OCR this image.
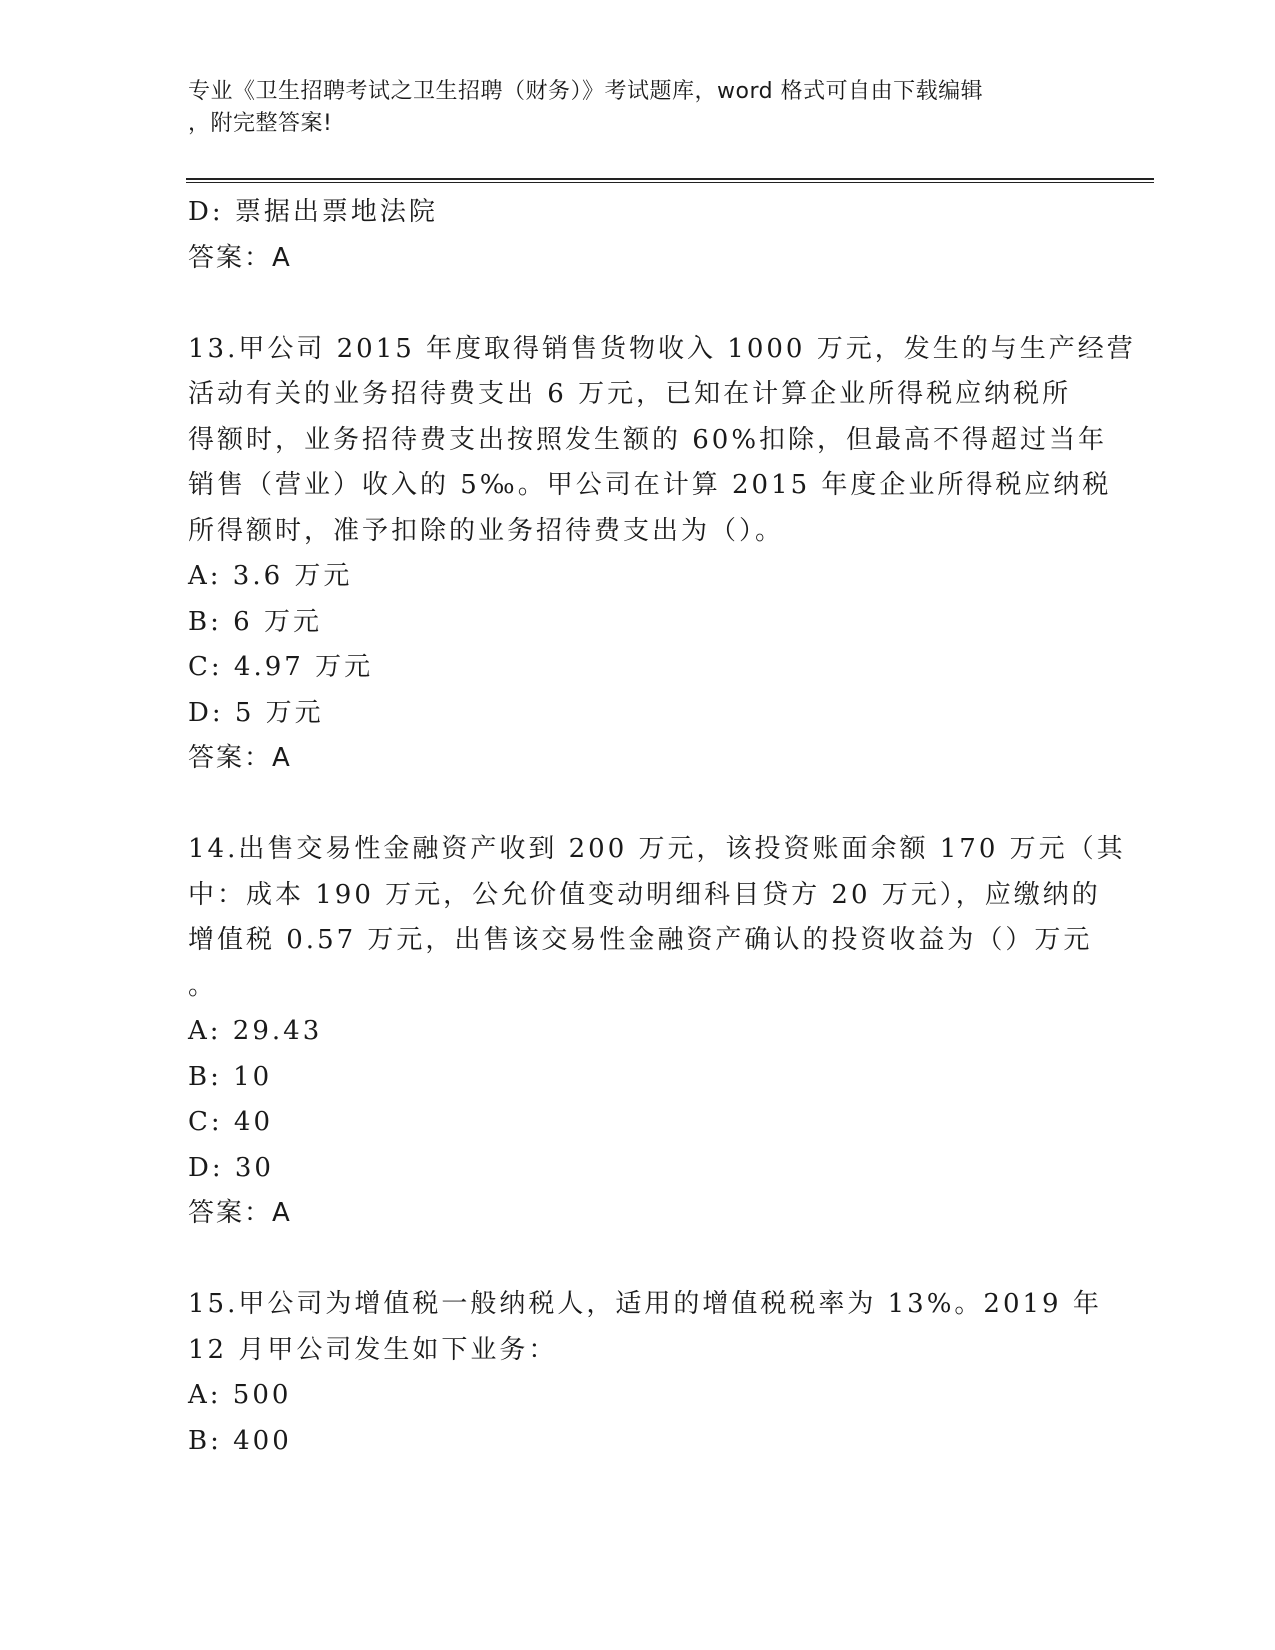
专业《卫生招聘考试之卫生招聘（财务）》考试题库，word 格式可自由下载编辑
，附完整答案!
D: 票据出票地法院
答案：A
13.甲公司 2015 年度取得销售货物收入 1000 万元，发生的与生产经营
活动有关的业务招待费支出 6 万元，已知在计算企业所得税应纳税所
得额时，业务招待费支出按照发生额的 60%扣除，但最高不得超过当年
销售（营业）收入的 5‰。甲公司在计算 2015 年度企业所得税应纳税
所得额时，准予扣除的业务招待费支出为（）。
A: 3.6 万元
B: 6 万元
C: 4.97 万元
D: 5 万元
答案：A
14.出售交易性金融资产收到 200 万元，该投资账面余额 170 万元（其
中：成本 190 万元，公允价值变动明细科目贷方 20 万元），应缴纳的
增值税 0.57 万元，出售该交易性金融资产确认的投资收益为（）万元
。
A: 29.43
B: 10
C: 40
D: 30
答案：A
15.甲公司为增值税一般纳税人，适用的增值税税率为 13%。2019 年
12 月甲公司发生如下业务：
A: 500
B: 400
